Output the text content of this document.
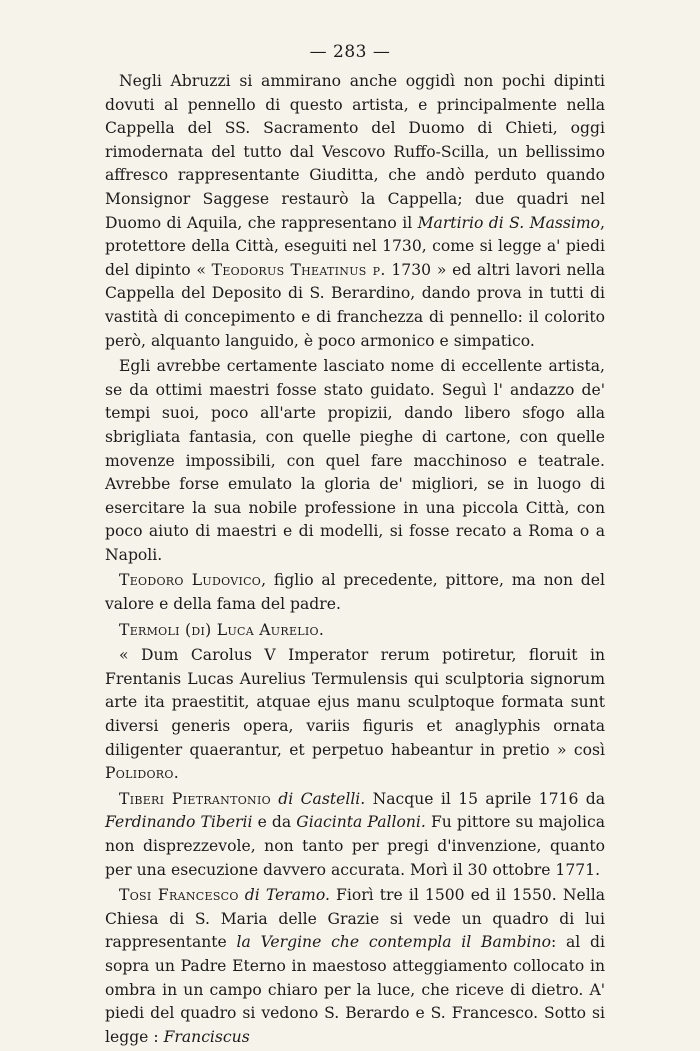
— 283 —

Negli Abruzzi si ammirano anche oggidì non pochi dipinti dovuti al pennello di questo artista, e principalmente nella Cappella del SS. Sacramento del Duomo di Chieti, oggi rimodernata del tutto dal Vescovo Ruffo-Scilla, un bellissimo affresco rappresentante Giuditta, che andò perduto quando Monsignor Saggese restaurò la Cappella; due quadri nel Duomo di Aquila, che rappresentano il Martirio di S. Massimo, protettore della Città, eseguiti nel 1730, come si legge a' piedi del dipinto « Teodorus Theatinus p. 1730 » ed altri lavori nella Cappella del Deposito di S. Berardino, dando prova in tutti di vastità di concepimento e di franchezza di pennello: il colorito però, alquanto languido, è poco armonico e simpatico.

Egli avrebbe certamente lasciato nome di eccellente artista, se da ottimi maestri fosse stato guidato. Seguì l' andazzo de' tempi suoi, poco all'arte propizii, dando libero sfogo alla sbrigliata fantasia, con quelle pieghe di cartone, con quelle movenze impossibili, con quel fare macchinoso e teatrale. Avrebbe forse emulato la gloria de' migliori, se in luogo di esercitare la sua nobile professione in una piccola Città, con poco aiuto di maestri e di modelli, si fosse recato a Roma o a Napoli.

Teodoro Ludovico, figlio al precedente, pittore, ma non del valore e della fama del padre.

Termoli (di) Luca Aurelio.

« Dum Carolus V Imperator rerum potiretur, floruit in Frentanis Lucas Aurelius Termulensis qui sculptoria signorum arte ita praestitit, atquae ejus manu sculptoque formata sunt diversi generis opera, variis figuris et anaglyphis ornata diligenter quaerantur, et perpetuo habeantur in pretio » così Polidoro.

Tiberi Pietrantonio di Castelli. Nacque il 15 aprile 1716 da Ferdinando Tiberii e da Giacinta Palloni. Fu pittore su majolica non disprezzevole, non tanto per pregi d'invenzione, quanto per una esecuzione davvero accurata. Morì il 30 ottobre 1771.

Tosi Francesco di Teramo. Fiorì tre il 1500 ed il 1550. Nella Chiesa di S. Maria delle Grazie si vede un quadro di lui rappresentante la Vergine che contempla il Bambino: al di sopra un Padre Eterno in maestoso atteggiamento collocato in ombra in un campo chiaro per la luce, che riceve di dietro. A' piedi del quadro si vedono S. Berardo e S. Francesco. Sotto si legge : Franciscus
